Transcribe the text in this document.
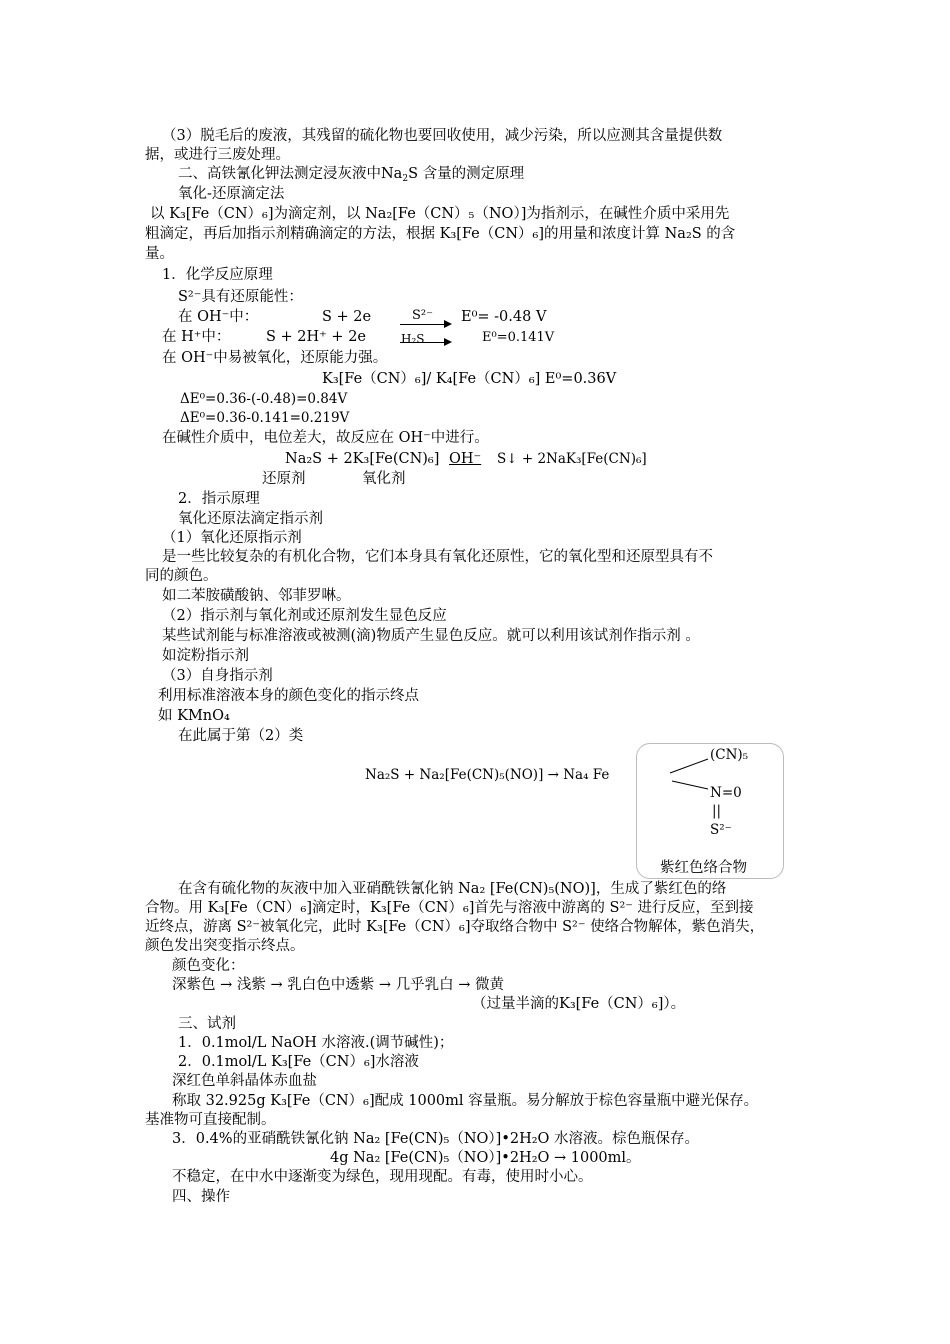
（3）脱毛后的废液，其残留的硫化物也要回收使用，减少污染，所以应测其含量提供数
据，或进行三废处理。
二、高铁氰化钾法测定浸灰液中$Na_2S$ 含量的测定原理
氧化-还原滴定法
以 K₃[Fe（CN）₆]为滴定剂，以 Na₂[Fe（CN）₅（NO）]为指剂示，在碱性介质中采用先
粗滴定，再后加指示剂精确滴定的方法，根据 K₃[Fe（CN）₆]的用量和浓度计算 Na₂S 的含
量。
1．化学反应原理
S²⁻具有还原能性：
在 OH⁻中：	S + 2e	S²⁻ E⁰= -0.48 V
在 H⁺中： S + 2H⁺ + 2e	H₂S	E⁰=0.141V
在 OH⁻中易被氧化，还原能力强。
K₃[Fe（CN）₆]/ K₄[Fe（CN）₆] E⁰=0.36V
ΔE⁰=0.36-(-0.48)=0.84V
ΔE⁰=0.36-0.141=0.219V
在碱性介质中，电位差大，故反应在 OH⁻中进行。
Na₂S + 2K₃[Fe(CN)₆] OH⁻ S↓ + 2NaK₃[Fe(CN)₆]
还原剂	氧化剂
2．指示原理
氧化还原法滴定指示剂
（1）氧化还原指示剂
是一些比较复杂的有机化合物，它们本身具有氧化还原性，它的氧化型和还原型具有不
同的颜色。
如二苯胺磺酸钠、邻菲罗啉。
（2）指示剂与氧化剂或还原剂发生显色反应
某些试剂能与标准溶液或被测(滴)物质产生显色反应。就可以利用该试剂作指示剂 。
如淀粉指示剂
（3）自身指示剂
利用标准溶液本身的颜色变化的指示终点
如 KMnO₄
在此属于第（2）类
Na₂S + Na₂[Fe(CN)₅(NO)] → Na₄ Fe
(CN)₅
N=0
||
S²⁻
紫红色络合物
在含有硫化物的灰液中加入亚硝酰铁氰化钠 Na₂ [Fe(CN)₅(NO)]，生成了紫红色的络
合物。用 K₃[Fe（CN）₆]滴定时，K₃[Fe（CN）₆]首先与溶液中游离的 S²⁻ 进行反应，至到接
近终点，游离 S²⁻被氧化完，此时 K₃[Fe（CN）₆]夺取络合物中 S²⁻ 使络合物解体，紫色消失，
颜色发出突变指示终点。
颜色变化：
深紫色 → 浅紫 → 乳白色中透紫 → 几乎乳白 → 微黄
（过量半滴的K₃[Fe（CN）₆]）。
三、试剂
1．0.1mol/L NaOH 水溶液.(调节碱性)；
2．0.1mol/L K₃[Fe（CN）₆]水溶液
深红色单斜晶体赤血盐
称取 32.925g K₃[Fe（CN）₆]配成 1000ml 容量瓶。易分解放于棕色容量瓶中避光保存。
基准物可直接配制。
3．0.4%的亚硝酰铁氰化钠 Na₂ [Fe(CN)₅（NO）]•2H₂O 水溶液。棕色瓶保存。
4g Na₂ [Fe(CN)₅（NO）]•2H₂O → 1000ml。
不稳定，在中水中逐渐变为绿色，现用现配。有毒，使用时小心。
四、操作
